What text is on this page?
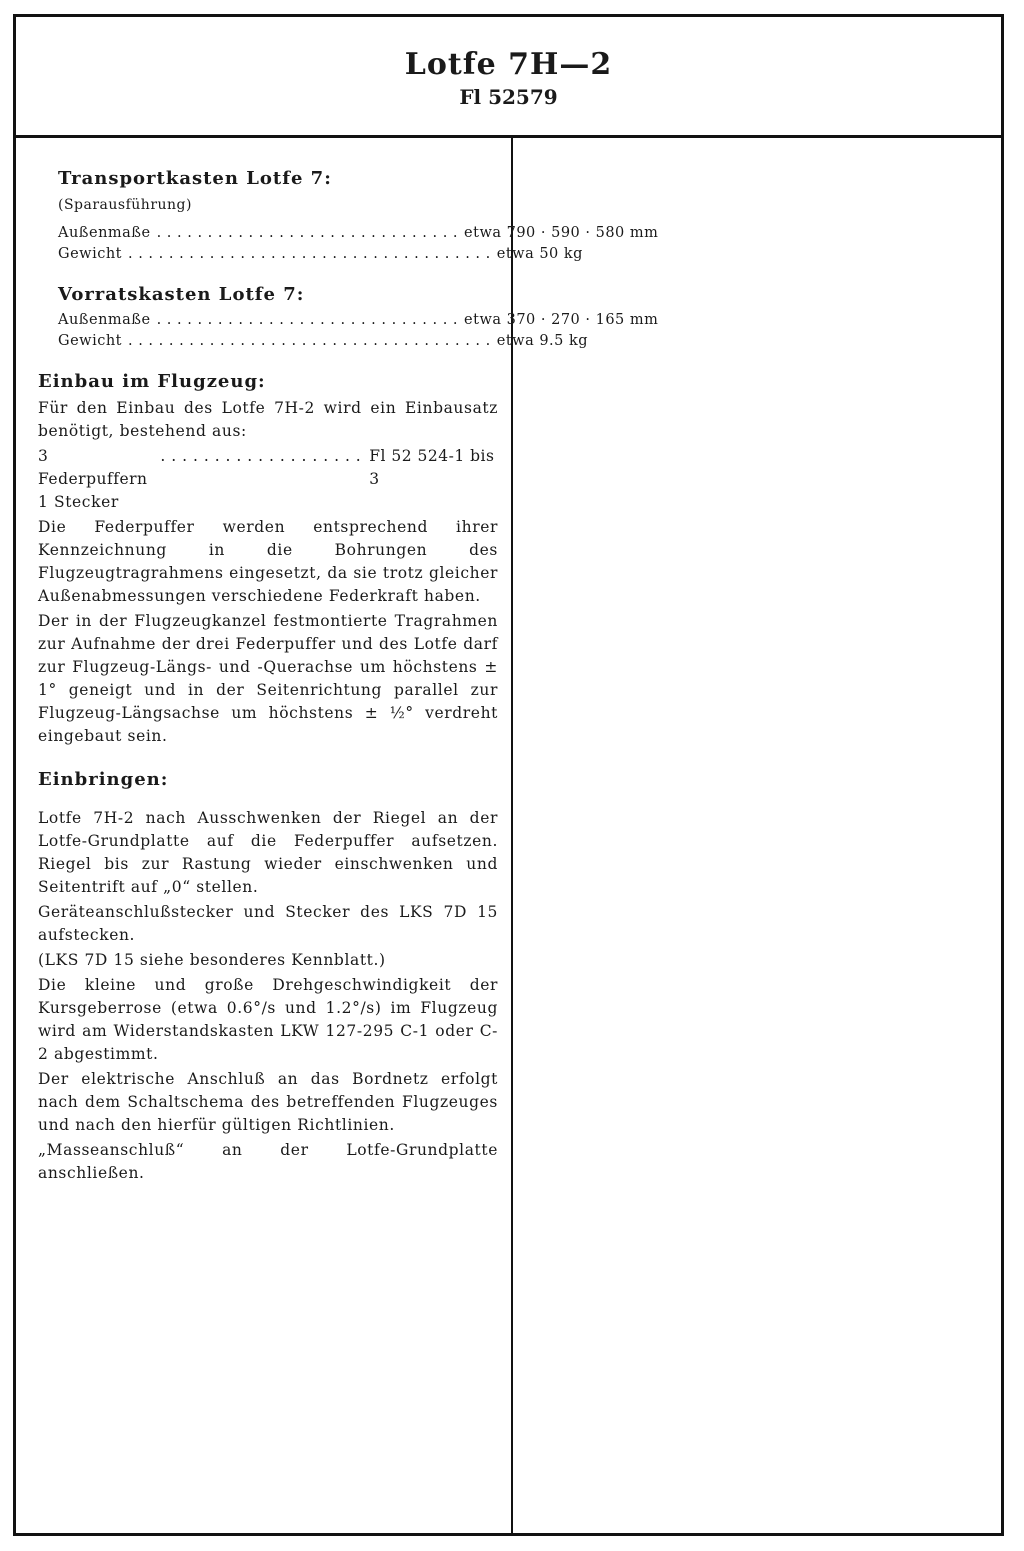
Lotfe 7H—2
Fl 52579
Transportkasten Lotfe 7:
(Sparausführung)
Außenmaße . . . . . . . . . . . . . . . . . . . . . . . . . . . . . . etwa 790 · 590 · 580 mm
Gewicht . . . . . . . . . . . . . . . . . . . . . . . . . . . . . . . . . . . . etwa 50 kg
Vorratskasten Lotfe 7:
Außenmaße . . . . . . . . . . . . . . . . . . . . . . . . . . . . . . etwa 370 · 270 · 165 mm
Gewicht . . . . . . . . . . . . . . . . . . . . . . . . . . . . . . . . . . . . etwa 9.5 kg
Einbau im Flugzeug:

Für den Einbau des Lotfe 7H-2 wird ein Einbausatz benötigt, bestehend aus:

3 Federpuffern
. . . . . . . . . . . . . . . . . . . Fl 52 524-1 bis 3

1 Stecker

Die Federpuffer werden entsprechend ihrer Kennzeichnung in die Bohrungen des Flugzeugtragrahmens eingesetzt, da sie trotz gleicher Außenabmessungen verschiedene Federkraft haben.

Der in der Flugzeugkanzel festmontierte Tragrahmen zur Aufnahme der drei Federpuffer und des Lotfe darf zur Flugzeug-Längs- und -Querachse um höchstens ± 1° geneigt und in der Seitenrichtung parallel zur Flugzeug-Längsachse um höchstens ± ½° verdreht eingebaut sein.

Einbringen:

Lotfe 7H-2 nach Ausschwenken der Riegel an der Lotfe-Grundplatte auf die Federpuffer aufsetzen. Riegel bis zur Rastung wieder einschwenken und Seitentrift auf „0“ stellen.

Geräteanschlußstecker und Stecker des LKS 7D 15 aufstecken.

(LKS 7D 15 siehe besonderes Kennblatt.)

Die kleine und große Drehgeschwindigkeit der Kursgeberrose (etwa 0.6°/s und 1.2°/s) im Flugzeug wird am Widerstandskasten LKW 127-295 C-1 oder C-2 abgestimmt.

Der elektrische Anschluß an das Bordnetz erfolgt nach dem Schaltschema des betreffenden Flugzeuges und nach den hierfür gültigen Richtlinien.

„Masseanschluß“ an der Lotfe-Grundplatte anschließen.
